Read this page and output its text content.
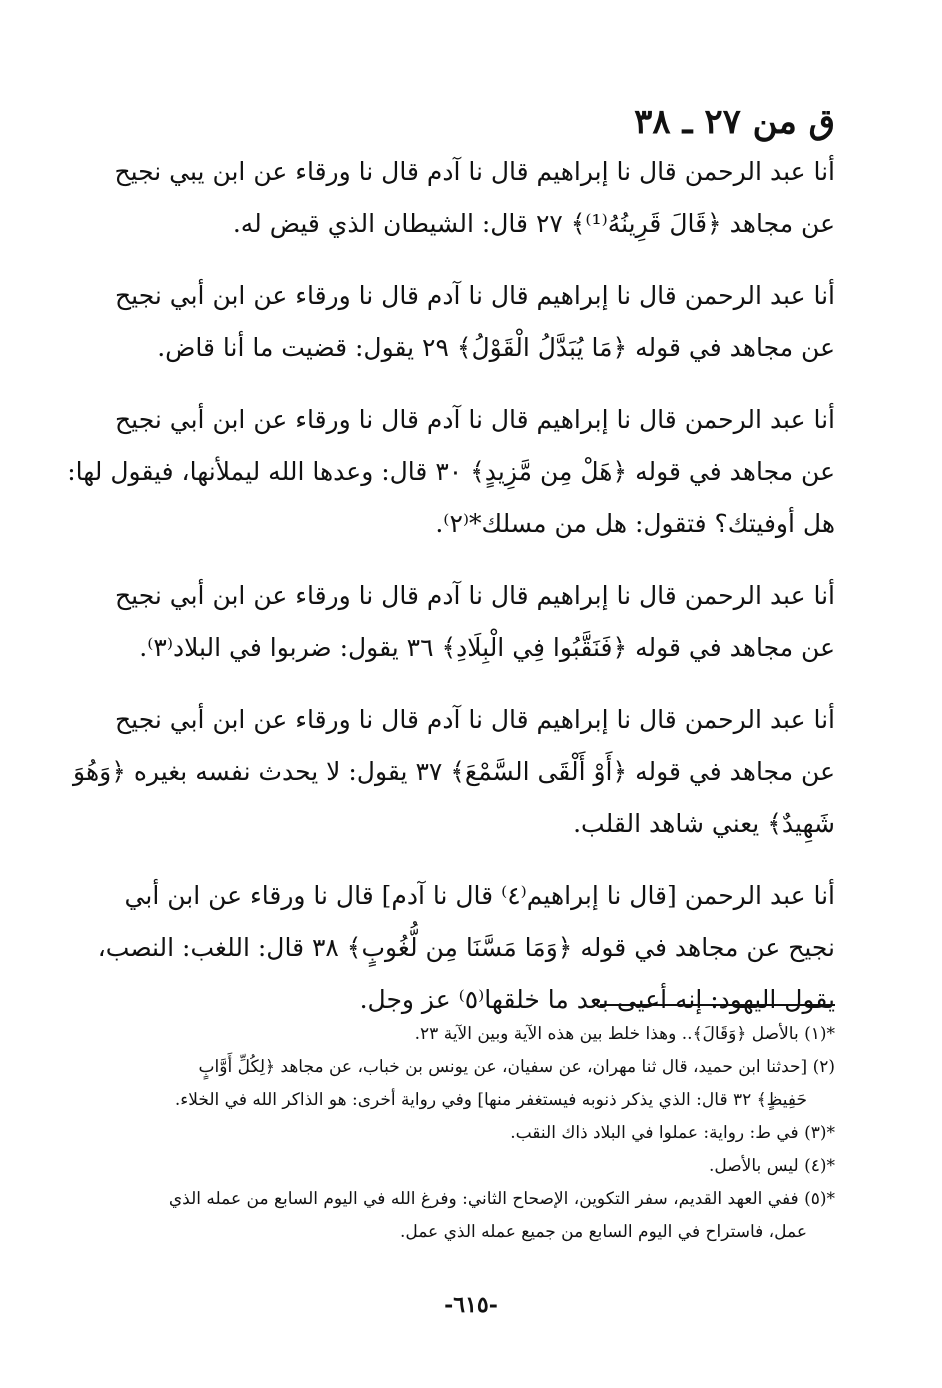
ق من ٢٧ ـ ٣٨
أنا عبد الرحمن قال نا إبراهيم قال نا آدم قال نا ورقاء عن ابن يبي نجيح
عن مجاهد ﴿قَالَ قَرِينُهُ⁽¹⁾﴾ ٢٧ قال: الشيطان الذي قيض له.
أنا عبد الرحمن قال نا إبراهيم قال نا آدم قال نا ورقاء عن ابن أبي نجيح
عن مجاهد في قوله ﴿مَا يُبَدَّلُ الْقَوْلُ﴾ ٢٩ يقول: قضيت ما أنا قاض.
أنا عبد الرحمن قال نا إبراهيم قال نا آدم قال نا ورقاء عن ابن أبي نجيح
عن مجاهد في قوله ﴿هَلْ مِن مَّزِيدٍ﴾ ٣٠ قال: وعدها الله ليملأنها، فيقول لها:
هل أوفيتك؟ فتقول: هل من مسلك*⁽٢⁾.
أنا عبد الرحمن قال نا إبراهيم قال نا آدم قال نا ورقاء عن ابن أبي نجيح
عن مجاهد في قوله ﴿فَنَقَّبُوا فِي الْبِلَادِ﴾ ٣٦ يقول: ضربوا في البلاد⁽٣⁾.
أنا عبد الرحمن قال نا إبراهيم قال نا آدم قال نا ورقاء عن ابن أبي نجيح
عن مجاهد في قوله ﴿أَوْ أَلْقَى السَّمْعَ﴾ ٣٧ يقول: لا يحدث نفسه بغيره ﴿وَهُوَ
شَهِيدٌ﴾ يعني شاهد القلب.
أنا عبد الرحمن [قال نا إبراهيم⁽٤⁾ قال نا آدم] قال نا ورقاء عن ابن أبي
نجيح عن مجاهد في قوله ﴿وَمَا مَسَّنَا مِن لُّغُوبٍ﴾ ٣٨ قال: اللغب: النصب،
يقول اليهود: إنه أعيى بعد ما خلقها⁽٥⁾ عز وجل.
*(١) بالأصل ﴿وَقَالَ﴾.. وهذا خلط بين هذه الآية وبين الآية ٢٣.
(٢) [حدثنا ابن حميد، قال ثنا مهران، عن سفيان، عن يونس بن خباب، عن مجاهد ﴿لِكُلِّ أَوَّابٍ
حَفِيظٍ﴾ ٣٢ قال: الذي يذكر ذنوبه فيستغفر منها] وفي رواية أخرى: هو الذاكر الله في الخلاء.
*(٣) في ط: رواية: عملوا في البلاد ذاك النقب.
*(٤) ليس بالأصل.
*(٥) ففي العهد القديم، سفر التكوين، الإصحاح الثاني: وفرغ الله في اليوم السابع من عمله الذي
عمل، فاستراح في اليوم السابع من جميع عمله الذي عمل.
-٦١٥-
